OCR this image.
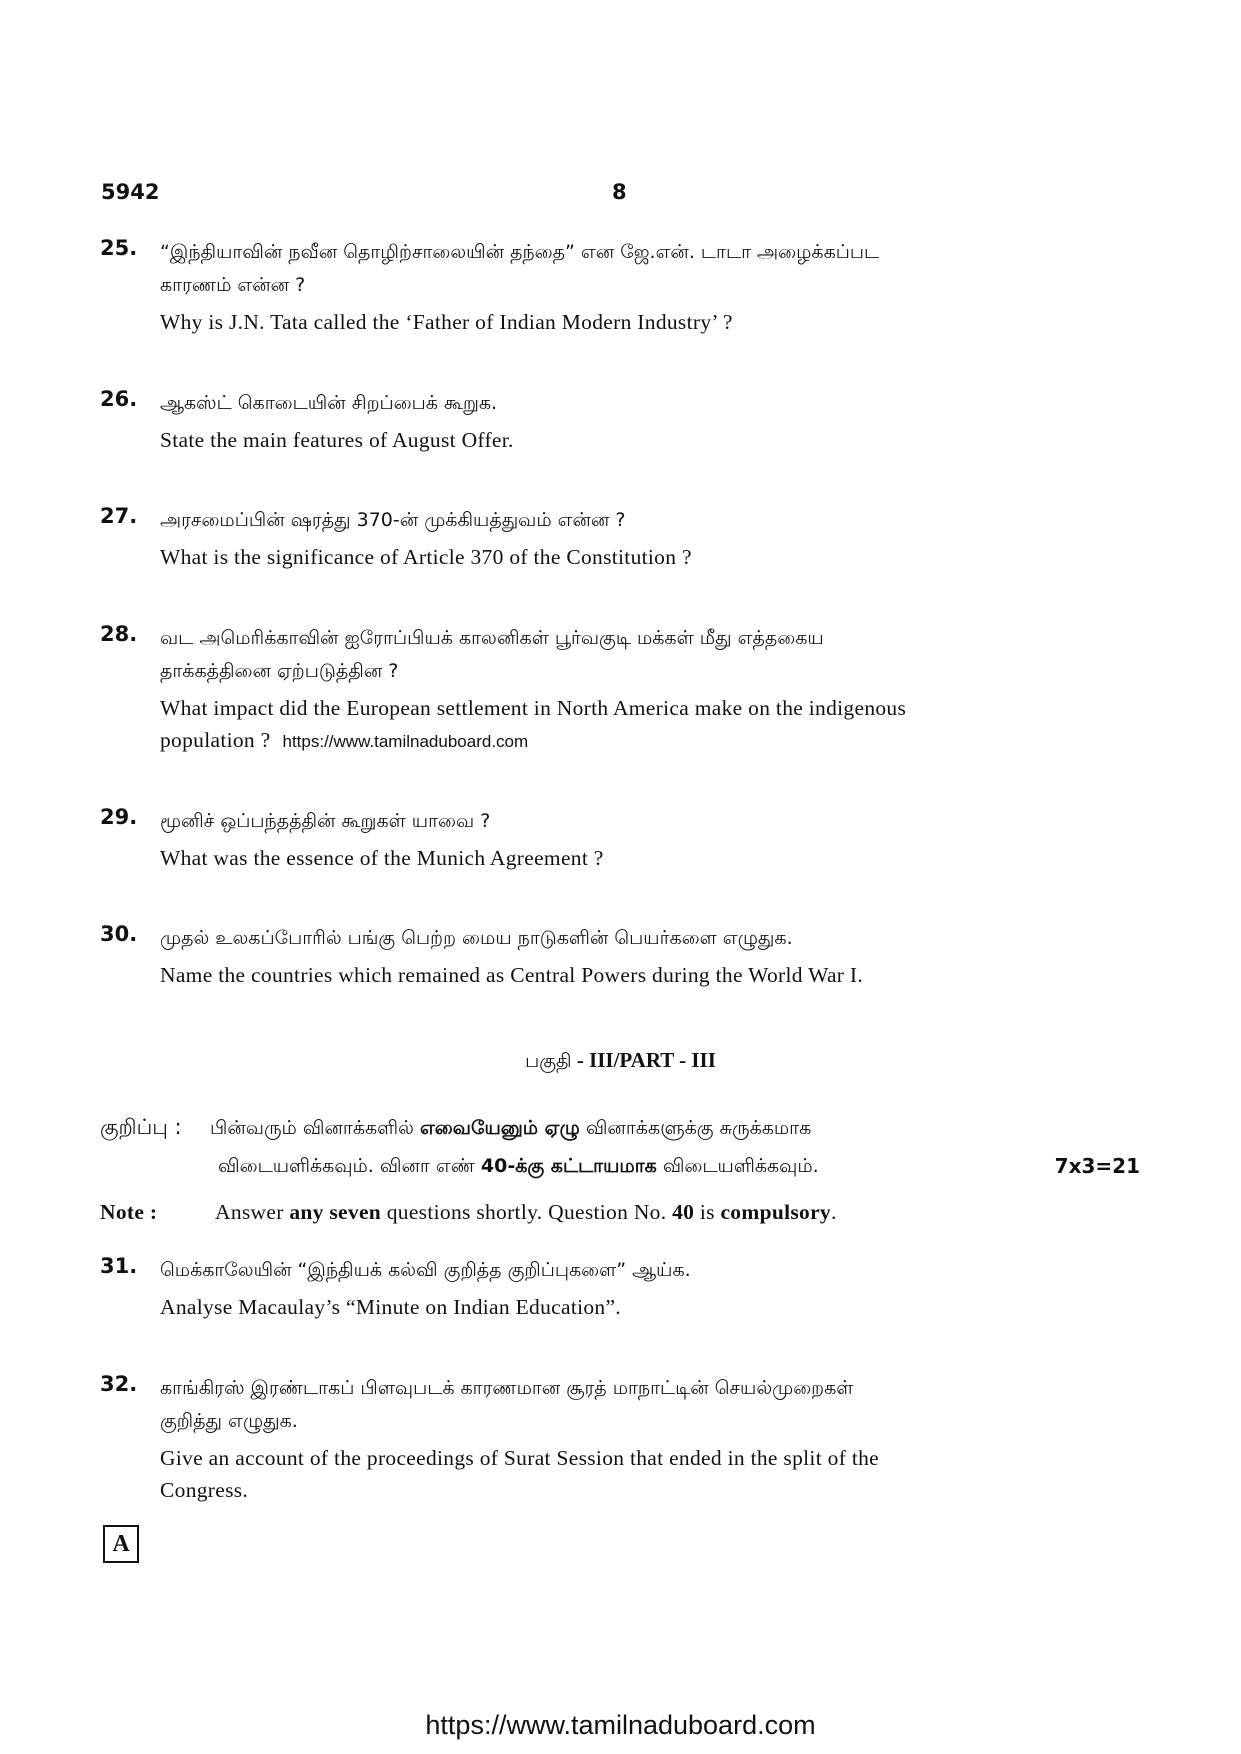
5942	8
25. “இந்தியாவின் நவீன தொழிற்சாலையின் தந்தை” என ஜே.என். டாடா அழைக்கப்பட
காரணம் என்ன ?
Why is J.N. Tata called the ‘Father of Indian Modern Industry’ ?
26. ஆகஸ்ட் கொடையின் சிறப்பைக் கூறுக.
State the main features of August Offer.
27. அரசமைப்பின் ஷரத்து 370-ன் முக்கியத்துவம் என்ன ?
What is the significance of Article 370 of the Constitution ?
28. வட அமெரிக்காவின் ஐரோப்பியக் காலனிகள் பூர்வகுடி மக்கள் மீது எத்தகைய
தாக்கத்தினை ஏற்படுத்தின ?
What impact did the European settlement in North America make on the indigenous
population ? https://www.tamilnaduboard.com
29. மூனிச் ஒப்பந்தத்தின் கூறுகள் யாவை ?
What was the essence of the Munich Agreement ?
30. முதல் உலகப்போரில் பங்கு பெற்ற மைய நாடுகளின் பெயர்களை எழுதுக.
Name the countries which remained as Central Powers during the World War I.
பகுதி - III/PART - III
குறிப்பு : பின்வரும் வினாக்களில் எவையேனும் ஏழு வினாக்களுக்கு சுருக்கமாக
விடையளிக்கவும். வினா எண் 40-க்கு கட்டாயமாக விடையளிக்கவும்.	7x3=21
Note :	Answer any seven questions shortly. Question No. 40 is compulsory.
31. மெக்காலேயின் “இந்தியக் கல்வி குறித்த குறிப்புகளை” ஆய்க.
Analyse Macaulay’s “Minute on Indian Education”.
32. காங்கிரஸ் இரண்டாகப் பிளவுபடக் காரணமான சூரத் மாநாட்டின் செயல்முறைகள்
குறித்து எழுதுக.
Give an account of the proceedings of Surat Session that ended in the split of the
Congress.
A
https://www.tamilnaduboard.com
